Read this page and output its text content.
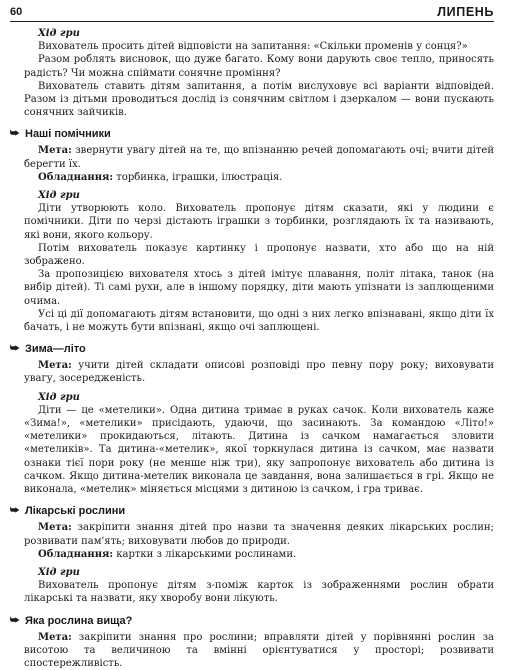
60	ЛИПЕНЬ

Хід гри

Вихователь просить дітей відповісти на запитання: «Скільки променів у сонця?»

Разом роблять висновок, що дуже багато. Кому вони дарують своє тепло, приносять радість? Чи можна спіймати сонячне проміння?

Вихователь ставить дітям запитання, а потім вислуховує всі варіанти відповідей. Разом із дітьми проводиться дослід із сонячним світлом і дзеркалом — вони пускають сонячних зайчиків.

⮩ Наші помічники

Мета: звернути увагу дітей на те, що впізнанню речей допомагають очі; вчити дітей берегти їх.

Обладнання: торбинка, іграшки, ілюстрація.

Хід гри

Діти утворюють коло. Вихователь пропонує дітям сказати, які у людини є помічники. Діти по черзі дістають іграшки з торбинки, розглядають їх та називають, які вони, якого кольору.

Потім вихователь показує картинку і пропонує назвати, хто або що на ній зображено.

За пропозицією вихователя хтось з дітей імітує плавання, політ літака, танок (на вибір дітей). Ті самі рухи, але в іншому порядку, діти мають упізнати із заплющеними очима.

Усі ці дії допомагають дітям встановити, що одні з них легко впізнавані, якщо діти їх бачать, і не можуть бути впізнані, якщо очі заплющені.

⮩ Зима—літо

Мета: учити дітей складати описові розповіді про певну пору року; виховувати увагу, зосередженість.

Хід гри

Діти — це «метелики». Одна дитина тримає в руках сачок. Коли вихователь каже «Зима!», «метелики» присідають, удаючи, що засинають. За командою «Літо!» «метелики» прокидаються, літають. Дитина із сачком намагається зловити «метеликів». Та дитина-«метелик», якої торкнулася дитина із сачком, має назвати ознаки тієї пори року (не менше ніж три), яку запропонує вихователь або дитина із сачком. Якщо дитина-метелик виконала це завдання, вона залишається в грі. Якщо не виконала, «метелик» міняється місцями з дитиною із сачком, і гра триває.

⮩ Лікарські рослини

Мета: закріпити знання дітей про назви та значення деяких лікарських рослин; розвивати пам'ять; виховувати любов до природи.

Обладнання: картки з лікарськими рослинами.

Хід гри

Вихователь пропонує дітям з-поміж карток із зображеннями рослин обрати лікарські та назвати, яку хворобу вони лікують.

⮩ Яка рослина вища?

Мета: закріпити знання про рослини; вправляти дітей у порівнянні рослин за висотою та величиною та вмінні орієнтуватися у просторі; розвивати спостережливість.
